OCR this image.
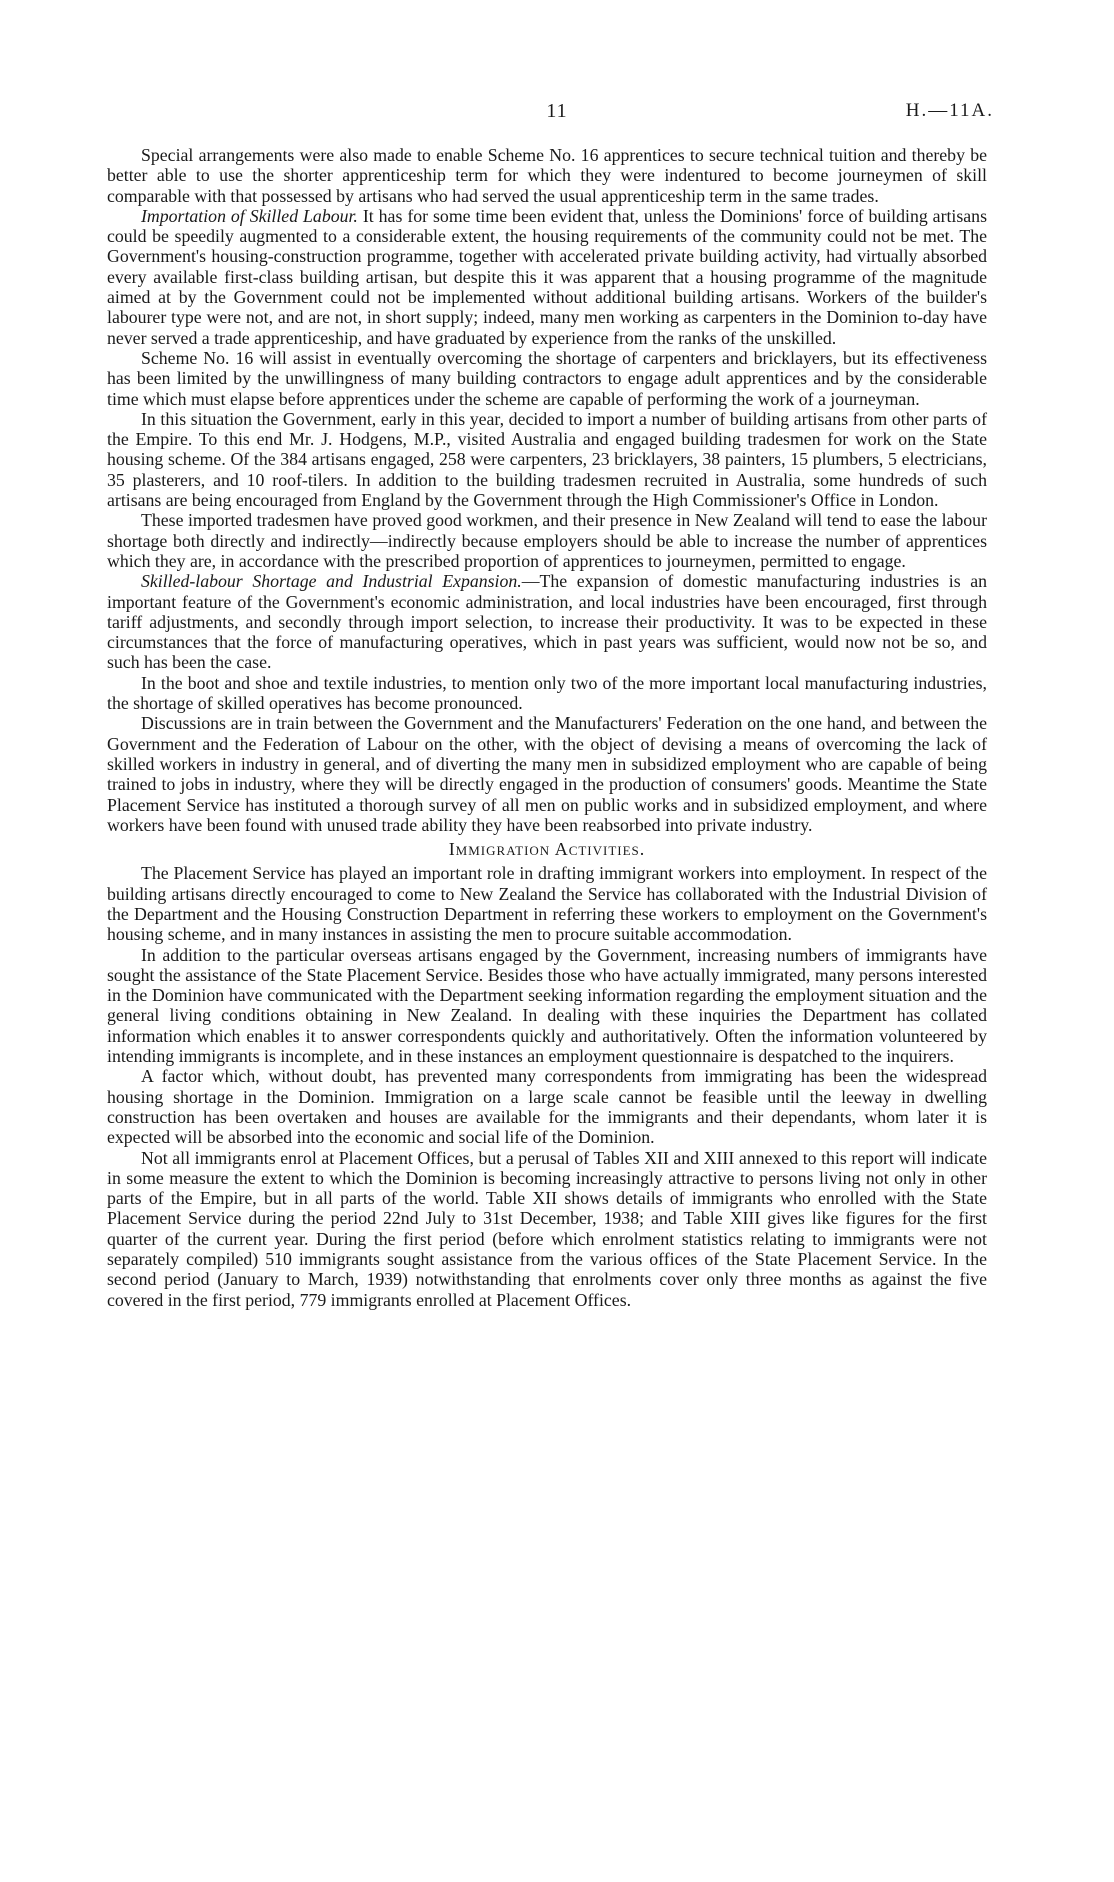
11	H.—11A.

Special arrangements were also made to enable Scheme No. 16 apprentices to secure technical tuition and thereby be better able to use the shorter apprenticeship term for which they were indentured to become journeymen of skill comparable with that possessed by artisans who had served the usual apprenticeship term in the same trades.

Importation of Skilled Labour. It has for some time been evident that, unless the Dominions' force of building artisans could be speedily augmented to a considerable extent, the housing requirements of the community could not be met. The Government's housing-construction programme, together with accelerated private building activity, had virtually absorbed every available first-class building artisan, but despite this it was apparent that a housing programme of the magnitude aimed at by the Government could not be implemented without additional building artisans. Workers of the builder's labourer type were not, and are not, in short supply; indeed, many men working as carpenters in the Dominion to-day have never served a trade apprenticeship, and have graduated by experience from the ranks of the unskilled.

Scheme No. 16 will assist in eventually overcoming the shortage of carpenters and bricklayers, but its effectiveness has been limited by the unwillingness of many building contractors to engage adult apprentices and by the considerable time which must elapse before apprentices under the scheme are capable of performing the work of a journeyman.

In this situation the Government, early in this year, decided to import a number of building artisans from other parts of the Empire. To this end Mr. J. Hodgens, M.P., visited Australia and engaged building tradesmen for work on the State housing scheme. Of the 384 artisans engaged, 258 were carpenters, 23 bricklayers, 38 painters, 15 plumbers, 5 electricians, 35 plasterers, and 10 roof-tilers. In addition to the building tradesmen recruited in Australia, some hundreds of such artisans are being encouraged from England by the Government through the High Commissioner's Office in London.

These imported tradesmen have proved good workmen, and their presence in New Zealand will tend to ease the labour shortage both directly and indirectly—indirectly because employers should be able to increase the number of apprentices which they are, in accordance with the prescribed proportion of apprentices to journeymen, permitted to engage.

Skilled-labour Shortage and Industrial Expansion.—The expansion of domestic manufacturing industries is an important feature of the Government's economic administration, and local industries have been encouraged, first through tariff adjustments, and secondly through import selection, to increase their productivity. It was to be expected in these circumstances that the force of manufacturing operatives, which in past years was sufficient, would now not be so, and such has been the case.

In the boot and shoe and textile industries, to mention only two of the more important local manufacturing industries, the shortage of skilled operatives has become pronounced.

Discussions are in train between the Government and the Manufacturers' Federation on the one hand, and between the Government and the Federation of Labour on the other, with the object of devising a means of overcoming the lack of skilled workers in industry in general, and of diverting the many men in subsidized employment who are capable of being trained to jobs in industry, where they will be directly engaged in the production of consumers' goods. Meantime the State Placement Service has instituted a thorough survey of all men on public works and in subsidized employment, and where workers have been found with unused trade ability they have been reabsorbed into private industry.

Immigration Activities.

The Placement Service has played an important role in drafting immigrant workers into employment. In respect of the building artisans directly encouraged to come to New Zealand the Service has collaborated with the Industrial Division of the Department and the Housing Construction Department in referring these workers to employment on the Government's housing scheme, and in many instances in assisting the men to procure suitable accommodation.

In addition to the particular overseas artisans engaged by the Government, increasing numbers of immigrants have sought the assistance of the State Placement Service. Besides those who have actually immigrated, many persons interested in the Dominion have communicated with the Department seeking information regarding the employment situation and the general living conditions obtaining in New Zealand. In dealing with these inquiries the Department has collated information which enables it to answer correspondents quickly and authoritatively. Often the information volunteered by intending immigrants is incomplete, and in these instances an employment questionnaire is despatched to the inquirers.

A factor which, without doubt, has prevented many correspondents from immigrating has been the widespread housing shortage in the Dominion. Immigration on a large scale cannot be feasible until the leeway in dwelling construction has been overtaken and houses are available for the immigrants and their dependants, whom later it is expected will be absorbed into the economic and social life of the Dominion.

Not all immigrants enrol at Placement Offices, but a perusal of Tables XII and XIII annexed to this report will indicate in some measure the extent to which the Dominion is becoming increasingly attractive to persons living not only in other parts of the Empire, but in all parts of the world. Table XII shows details of immigrants who enrolled with the State Placement Service during the period 22nd July to 31st December, 1938; and Table XIII gives like figures for the first quarter of the current year. During the first period (before which enrolment statistics relating to immigrants were not separately compiled) 510 immigrants sought assistance from the various offices of the State Placement Service. In the second period (January to March, 1939) notwithstanding that enrolments cover only three months as against the five covered in the first period, 779 immigrants enrolled at Placement Offices.
